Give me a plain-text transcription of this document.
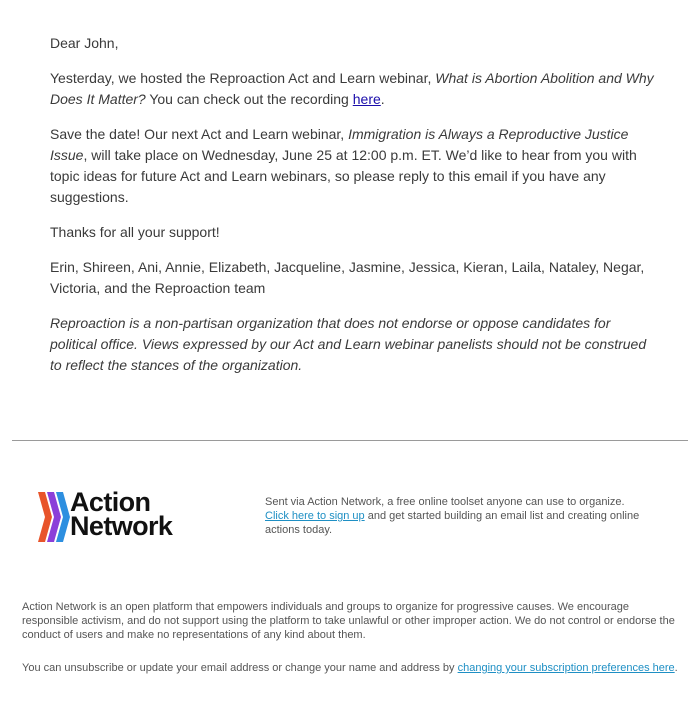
Dear John,

Yesterday, we hosted the Reproaction Act and Learn webinar, What is Abortion Abolition and Why Does It Matter? You can check out the recording here.

Save the date! Our next Act and Learn webinar, Immigration is Always a Reproductive Justice Issue, will take place on Wednesday, June 25 at 12:00 p.m. ET. We’d like to hear from you with topic ideas for future Act and Learn webinars, so please reply to this email if you have any suggestions.

Thanks for all your support!

Erin, Shireen, Ani, Annie, Elizabeth, Jacqueline, Jasmine, Jessica, Kieran, Laila, Nataley, Negar, Victoria, and the Reproaction team

Reproaction is a non-partisan organization that does not endorse or oppose candidates for political office. Views expressed by our Act and Learn webinar panelists should not be construed to reflect the stances of the organization.

Action
Network
Sent via Action Network, a free online toolset anyone can use to organize.
Click here to sign up and get started building an email list and creating online actions today.
Action Network is an open platform that empowers individuals and groups to organize for progressive causes. We encourage responsible activism, and do not support using the platform to take unlawful or other improper action. We do not control or endorse the conduct of users and make no representations of any kind about them.
You can unsubscribe or update your email address or change your name and address by changing your subscription preferences here.
